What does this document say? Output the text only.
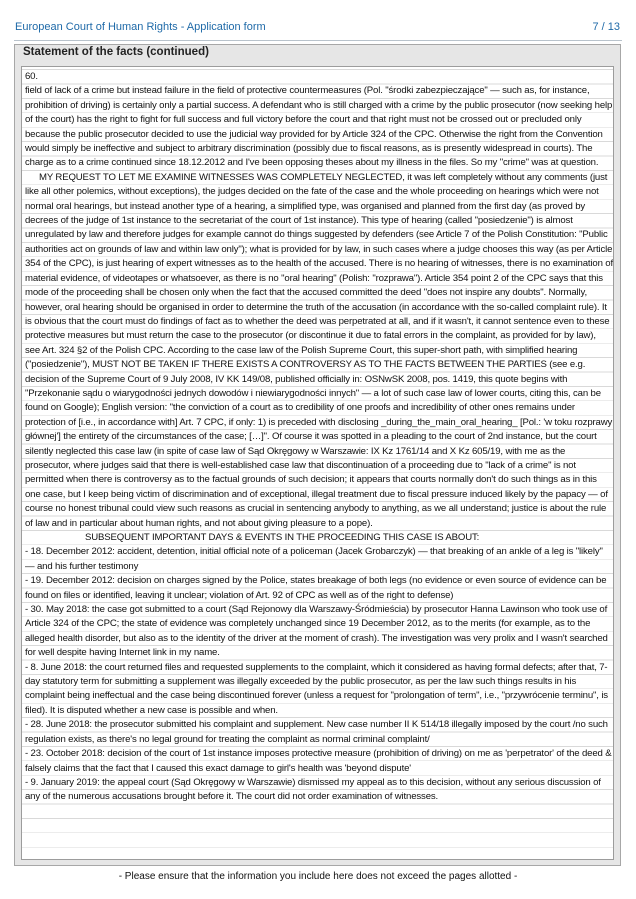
European Court of Human Rights - Application form	7 / 13
Statement of the facts (continued)

60.

field of lack of a crime but instead failure in the field of protective countermeasures (Pol. "środki zabezpieczające" — such as, for instance, prohibition of driving) is certainly only a partial success. A defendant who is still charged with a crime by the public prosecutor (now seeking help of the court) has the right to fight for full success and full victory before the court and that right must not be crossed out or precluded only because the public prosecutor decided to use the judicial way provided for by Article 324 of the CPC. Otherwise the right from the Convention would simply be ineffective and subject to arbitrary discrimination (possibly due to fiscal reasons, as is presently widespread in courts). The charge as to a crime continued since 18.12.2012 and I've been opposing theses about my illness in the files. So my "crime" was at question.

MY REQUEST TO LET ME EXAMINE WITNESSES WAS COMPLETELY NEGLECTED, it was left completely without any comments (just like all other polemics, without exceptions), the judges decided on the fate of the case and the whole proceeding on hearings which were not normal oral hearings, but instead another type of a hearing, a simplified type, was organised and planned from the first day (as proved by decrees of the judge of 1st instance to the secretariat of the court of 1st instance). This type of hearing (called "posiedzenie") is almost unregulated by law and therefore judges for example cannot do things suggested by defenders (see Article 7 of the Polish Constitution: "Public authorities act on grounds of law and within law only"); what is provided for by law, in such cases where a judge chooses this way (as per Article 354 of the CPC), is just hearing of expert witnesses as to the health of the accused. There is no hearing of witnesses, there is no examination of material evidence, of videotapes or whatsoever, as there is no "oral hearing" (Polish: "rozprawa"). Article 354 point 2 of the CPC says that this mode of the proceeding shall be chosen only when the fact that the accused committed the deed "does not inspire any doubts". Normally, however, oral hearing should be organised in order to determine the truth of the accusation (in accordance with the so-called complaint rule). It is obvious that the court must do findings of fact as to whether the deed was perpetrated at all, and if it wasn't, it cannot sentence even to these protective measures but must return the case to the prosecutor (or discontinue it due to fatal errors in the complaint, as provided for by law), see Art. 324 §2 of the Polish CPC. According to the case law of the Polish Supreme Court, this super-short path, with simplified hearing ("posiedzenie"), MUST NOT BE TAKEN IF THERE EXISTS A CONTROVERSY AS TO THE FACTS BETWEEN THE PARTIES (see e.g. decision of the Supreme Court of 9 July 2008, IV KK 149/08, published officially in: OSNwSK 2008, pos. 1419, this quote begins with "Przekonanie sądu o wiarygodności jednych dowodów i niewiarygodności innych" — a lot of such case law of lower courts, citing this, can be found on Google); English version: "the conviction of a court as to credibility of one proofs and incredibility of other ones remains under protection of [i.e., in accordance with] Art. 7 CPC, if only: 1) is preceded with disclosing _during_the_main_oral_hearing_ [Pol.: 'w toku rozprawy głównej'] the entirety of the circumstances of the case; […]". Of course it was spotted in a pleading to the court of 2nd instance, but the court silently neglected this case law (in spite of case law of Sąd Okręgowy w Warszawie: IX Kz 1761/14 and X Kz 605/19, with me as the prosecutor, where judges said that there is well-established case law that discontinuation of a proceeding due to "lack of a crime" is not permitted when there is controversy as to the factual grounds of such decision; it appears that courts normally don't do such things as in this one case, but I keep being victim of discrimination and of exceptional, illegal treatment due to fiscal pressure induced likely by the papacy — of course no honest tribunal could view such reasons as crucial in sentencing anybody to anything, as we all understand; justice is about the rule of law and in particular about human rights, and not about giving pleasure to a pope).

SUBSEQUENT IMPORTANT DAYS & EVENTS IN THE PROCEEDING THIS CASE IS ABOUT:

- 18. December 2012: accident, detention, initial official note of a policeman (Jacek Grobarczyk) — that breaking of an ankle of a leg is "likely" — and his further testimony

- 19. December 2012: decision on charges signed by the Police, states breakage of both legs (no evidence or even source of evidence can be found on files or identified, leaving it unclear; violation of Art. 92 of CPC as well as of the right to defense)

- 30. May 2018: the case got submitted to a court (Sąd Rejonowy dla Warszawy-Śródmieścia) by prosecutor Hanna Lawinson who took use of Article 324 of the CPC; the state of evidence was completely unchanged since 19 December 2012, as to the merits (for example, as to the alleged health disorder, but also as to the identity of the driver at the moment of crash). The investigation was very prolix and I wasn't searched for well despite having Internet link in my name.

- 8. June 2018: the court returned files and requested supplements to the complaint, which it considered as having formal defects; after that, 7-day statutory term for submitting a supplement was illegally exceeded by the public prosecutor, as per the law such things results in his complaint being ineffectual and the case being discontinued forever (unless a request for "prolongation of term", i.e., "przywrócenie terminu", is filed). It is disputed whether a new case is possible and when.

- 28. June 2018: the prosecutor submitted his complaint and supplement. New case number II K 514/18 illegally imposed by the court /no such regulation exists, as there's no legal ground for treating the complaint as normal criminal complaint/

- 23. October 2018: decision of the court of 1st instance imposes protective measure (prohibition of driving) on me as 'perpetrator' of the deed & falsely claims that the fact that I caused this exact damage to girl's health was 'beyond dispute'

- 9. January 2019: the appeal court (Sąd Okręgowy w Warszawie) dismissed my appeal as to this decision, without any serious discussion of any of the numerous accusations brought before it. The court did not order examination of witnesses.

- Please ensure that the information you include here does not exceed the pages allotted -
